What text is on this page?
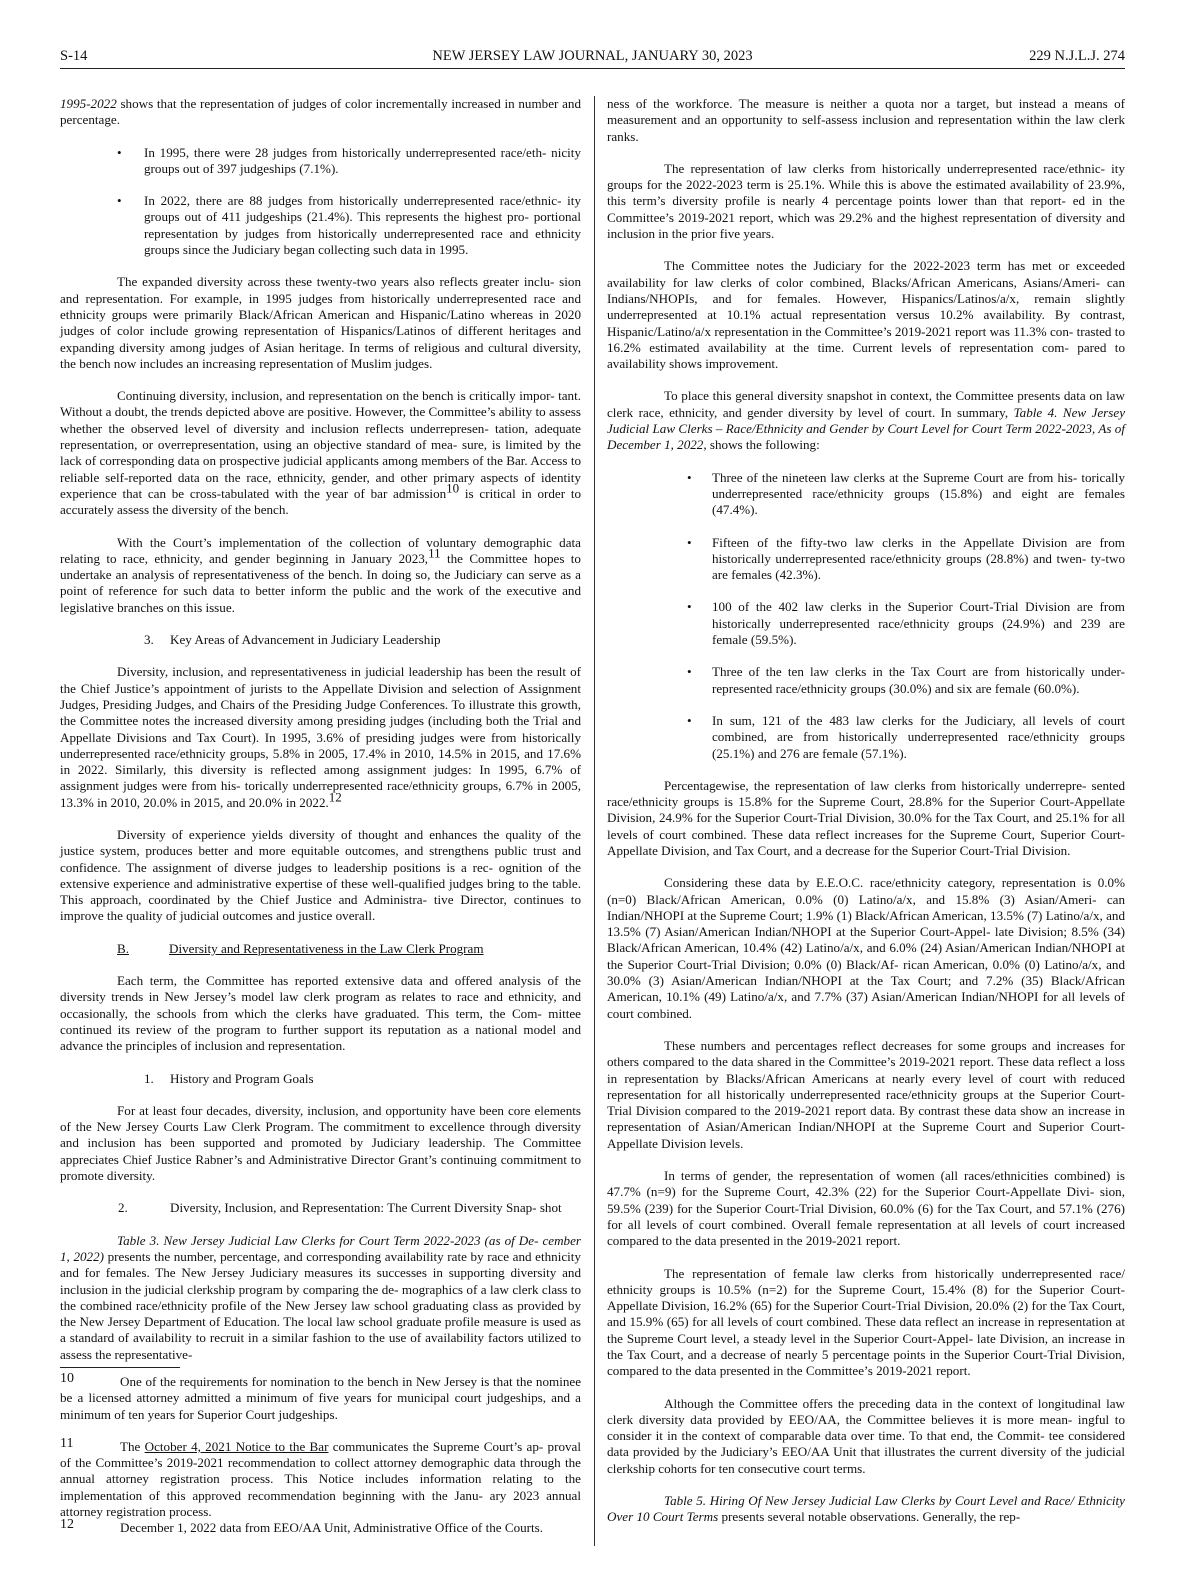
S-14	NEW JERSEY LAW JOURNAL, JANUARY 30, 2023	229 N.J.L.J. 274

1995-2022 shows that the representation of judges of color incrementally increased in number and percentage.

• In 1995, there were 28 judges from historically underrepresented race/eth- nicity groups out of 397 judgeships (7.1%).
• In 2022, there are 88 judges from historically underrepresented race/ethnic- ity groups out of 411 judgeships (21.4%). This represents the highest pro- portional representation by judges from historically underrepresented race and ethnicity groups since the Judiciary began collecting such data in 1995.

The expanded diversity across these twenty-two years also reflects greater inclu- sion and representation. For example, in 1995 judges from historically underrepresented race and ethnicity groups were primarily Black/African American and Hispanic/Latino whereas in 2020 judges of color include growing representation of Hispanics/Latinos of different heritages and expanding diversity among judges of Asian heritage. In terms of religious and cultural diversity, the bench now includes an increasing representation of Muslim judges.

Continuing diversity, inclusion, and representation on the bench is critically impor- tant. Without a doubt, the trends depicted above are positive. However, the Committee’s ability to assess whether the observed level of diversity and inclusion reflects underrepresen- tation, adequate representation, or overrepresentation, using an objective standard of mea- sure, is limited by the lack of corresponding data on prospective judicial applicants among members of the Bar. Access to reliable self-reported data on the race, ethnicity, gender, and other primary aspects of identity experience that can be cross-tabulated with the year of bar admission$^{10}$ is critical in order to accurately assess the diversity of the bench.

With the Court’s implementation of the collection of voluntary demographic data relating to race, ethnicity, and gender beginning in January 2023,11 the Committee hopes to undertake an analysis of representativeness of the bench. In doing so, the Judiciary can serve as a point of reference for such data to better inform the public and the work of the executive and legislative branches on this issue.

3. Key Areas of Advancement in Judiciary Leadership

Diversity, inclusion, and representativeness in judicial leadership has been the result of the Chief Justice’s appointment of jurists to the Appellate Division and selection of Assignment Judges, Presiding Judges, and Chairs of the Presiding Judge Conferences. To illustrate this growth, the Committee notes the increased diversity among presiding judges (including both the Trial and Appellate Divisions and Tax Court). In 1995, 3.6% of presiding judges were from historically underrepresented race/ethnicity groups, 5.8% in 2005, 17.4% in 2010, 14.5% in 2015, and 17.6% in 2022. Similarly, this diversity is reflected among assignment judges: In 1995, 6.7% of assignment judges were from his- torically underrepresented race/ethnicity groups, 6.7% in 2005, 13.3% in 2010, 20.0% in 2015, and 20.0% in 2022.12

Diversity of experience yields diversity of thought and enhances the quality of the justice system, produces better and more equitable outcomes, and strengthens public trust and confidence. The assignment of diverse judges to leadership positions is a rec- ognition of the extensive experience and administrative expertise of these well-qualified judges bring to the table. This approach, coordinated by the Chief Justice and Administra- tive Director, continues to improve the quality of judicial outcomes and justice overall.

B.	Diversity and Representativeness in the Law Clerk Program

Each term, the Committee has reported extensive data and offered analysis of the diversity trends in New Jersey’s model law clerk program as relates to race and ethnicity, and occasionally, the schools from which the clerks have graduated. This term, the Com- mittee continued its review of the program to further support its reputation as a national model and advance the principles of inclusion and representation.

1. History and Program Goals

For at least four decades, diversity, inclusion, and opportunity have been core elements of the New Jersey Courts Law Clerk Program. The commitment to excellence through diversity and inclusion has been supported and promoted by Judiciary leadership. The Committee appreciates Chief Justice Rabner’s and Administrative Director Grant’s continuing commitment to promote diversity.

2.	Diversity, Inclusion, and Representation: The Current Diversity Snap- shot

Table 3. New Jersey Judicial Law Clerks for Court Term 2022-2023 (as of De- cember 1, 2022) presents the number, percentage, and corresponding availability rate by race and ethnicity and for females. The New Jersey Judiciary measures its successes in supporting diversity and inclusion in the judicial clerkship program by comparing the de- mographics of a law clerk class to the combined race/ethnicity profile of the New Jersey law school graduating class as provided by the New Jersey Department of Education. The local law school graduate profile measure is used as a standard of availability to recruit in a similar fashion to the use of availability factors utilized to assess the representative-

10	One of the requirements for nomination to the bench in New Jersey is that the nominee be a licensed attorney admitted a minimum of five years for municipal court judgeships, and a minimum of ten years for Superior Court judgeships.

11	The October 4, 2021 Notice to the Bar communicates the Supreme Court’s ap- proval of the Committee’s 2019-2021 recommendation to collect attorney demographic data through the annual attorney registration process. This Notice includes information relating to the implementation of this approved recommendation beginning with the Janu- ary 2023 annual attorney registration process.

12	December 1, 2022 data from EEO/AA Unit, Administrative Office of the Courts.

ness of the workforce. The measure is neither a quota nor a target, but instead a means of measurement and an opportunity to self-assess inclusion and representation within the law clerk ranks.

The representation of law clerks from historically underrepresented race/ethnic- ity groups for the 2022-2023 term is 25.1%. While this is above the estimated availability of 23.9%, this term’s diversity profile is nearly 4 percentage points lower than that report- ed in the Committee’s 2019-2021 report, which was 29.2% and the highest representation of diversity and inclusion in the prior five years.

The Committee notes the Judiciary for the 2022-2023 term has met or exceeded availability for law clerks of color combined, Blacks/African Americans, Asians/Ameri- can Indians/NHOPIs, and for females. However, Hispanics/Latinos/a/x, remain slightly underrepresented at 10.1% actual representation versus 10.2% availability. By contrast, Hispanic/Latino/a/x representation in the Committee’s 2019-2021 report was 11.3% con- trasted to 16.2% estimated availability at the time. Current levels of representation com- pared to availability shows improvement.

To place this general diversity snapshot in context, the Committee presents data on law clerk race, ethnicity, and gender diversity by level of court. In summary, Table 4. New Jersey Judicial Law Clerks – Race/Ethnicity and Gender by Court Level for Court Term 2022-2023, As of December 1, 2022, shows the following:

• Three of the nineteen law clerks at the Supreme Court are from his- torically underrepresented race/ethnicity groups (15.8%) and eight are females (47.4%).
• Fifteen of the fifty-two law clerks in the Appellate Division are from historically underrepresented race/ethnicity groups (28.8%) and twen- ty-two are females (42.3%).
• 100 of the 402 law clerks in the Superior Court-Trial Division are from historically underrepresented race/ethnicity groups (24.9%) and 239 are female (59.5%).
• Three of the ten law clerks in the Tax Court are from historically under- represented race/ethnicity groups (30.0%) and six are female (60.0%).
• In sum, 121 of the 483 law clerks for the Judiciary, all levels of court combined, are from historically underrepresented race/ethnicity groups (25.1%) and 276 are female (57.1%).

Percentagewise, the representation of law clerks from historically underrepre- sented race/ethnicity groups is 15.8% for the Supreme Court, 28.8% for the Superior Court-Appellate Division, 24.9% for the Superior Court-Trial Division, 30.0% for the Tax Court, and 25.1% for all levels of court combined. These data reflect increases for the Supreme Court, Superior Court-Appellate Division, and Tax Court, and a decrease for the Superior Court-Trial Division.

Considering these data by E.E.O.C. race/ethnicity category, representation is 0.0% (n=0) Black/African American, 0.0% (0) Latino/a/x, and 15.8% (3) Asian/Ameri- can Indian/NHOPI at the Supreme Court; 1.9% (1) Black/African American, 13.5% (7) Latino/a/x, and 13.5% (7) Asian/American Indian/NHOPI at the Superior Court-Appel- late Division; 8.5% (34) Black/African American, 10.4% (42) Latino/a/x, and 6.0% (24) Asian/American Indian/NHOPI at the Superior Court-Trial Division; 0.0% (0) Black/Af- rican American, 0.0% (0) Latino/a/x, and 30.0% (3) Asian/American Indian/NHOPI at the Tax Court; and 7.2% (35) Black/African American, 10.1% (49) Latino/a/x, and 7.7% (37) Asian/American Indian/NHOPI for all levels of court combined.

These numbers and percentages reflect decreases for some groups and increases for others compared to the data shared in the Committee’s 2019-2021 report. These data reflect a loss in representation by Blacks/African Americans at nearly every level of court with reduced representation for all historically underrepresented race/ethnicity groups at the Superior Court-Trial Division compared to the 2019-2021 report data. By contrast these data show an increase in representation of Asian/American Indian/NHOPI at the Supreme Court and Superior Court-Appellate Division levels.

In terms of gender, the representation of women (all races/ethnicities combined) is 47.7% (n=9) for the Supreme Court, 42.3% (22) for the Superior Court-Appellate Divi- sion, 59.5% (239) for the Superior Court-Trial Division, 60.0% (6) for the Tax Court, and 57.1% (276) for all levels of court combined. Overall female representation at all levels of court increased compared to the data presented in the 2019-2021 report.

The representation of female law clerks from historically underrepresented race/ ethnicity groups is 10.5% (n=2) for the Supreme Court, 15.4% (8) for the Superior Court- Appellate Division, 16.2% (65) for the Superior Court-Trial Division, 20.0% (2) for the Tax Court, and 15.9% (65) for all levels of court combined. These data reflect an increase in representation at the Supreme Court level, a steady level in the Superior Court-Appel- late Division, an increase in the Tax Court, and a decrease of nearly 5 percentage points in the Superior Court-Trial Division, compared to the data presented in the Committee’s 2019-2021 report.

Although the Committee offers the preceding data in the context of longitudinal law clerk diversity data provided by EEO/AA, the Committee believes it is more mean- ingful to consider it in the context of comparable data over time. To that end, the Commit- tee considered data provided by the Judiciary’s EEO/AA Unit that illustrates the current diversity of the judicial clerkship cohorts for ten consecutive court terms.

Table 5. Hiring Of New Jersey Judicial Law Clerks by Court Level and Race/ Ethnicity Over 10 Court Terms presents several notable observations. Generally, the rep-
